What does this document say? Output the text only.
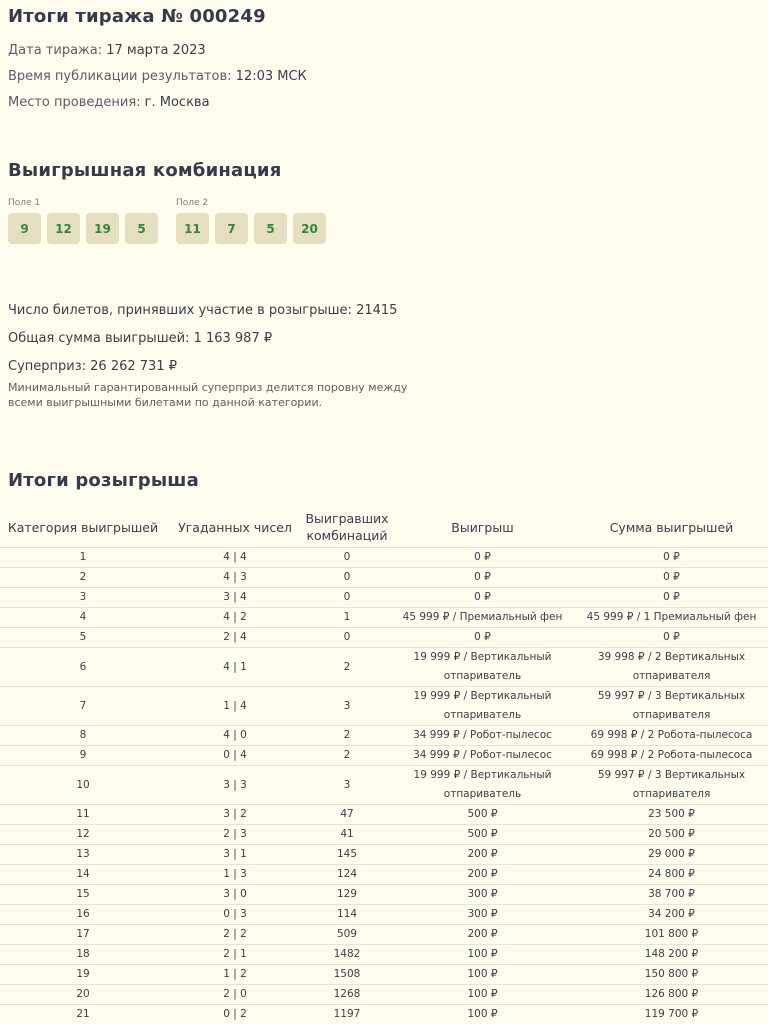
Итоги тиража № 000249
Дата тиража: 17 марта 2023
Время публикации результатов: 12:03 МСК
Место проведения: г. Москва
Выигрышная комбинация
Поле 1
9	12	19	5
Поле 2
11	7	5	20
Число билетов, принявших участие в розыгрыше: 21415
Общая сумма выигрышей: 1 163 987 ₽
Суперприз: 26 262 731 ₽
Минимальный гарантированный суперприз делится поровну между всеми выигрышными билетами по данной категории.
Итоги розыгрыша
Категория выигрышей	Угаданных чисел	Выигравших комбинаций	Выигрыш	Сумма выигрышей
1	4 | 4	0	0 ₽	0 ₽
2	4 | 3	0	0 ₽	0 ₽
3	3 | 4	0	0 ₽	0 ₽
4	4 | 2	1	45 999 ₽ / Премиальный фен	45 999 ₽ / 1 Премиальный фен
5	2 | 4	0	0 ₽	0 ₽
6	4 | 1	2	19 999 ₽ / Вертикальный отпариватель	39 998 ₽ / 2 Вертикальных отпаривателя
7	1 | 4	3	19 999 ₽ / Вертикальный отпариватель	59 997 ₽ / 3 Вертикальных отпаривателя
8	4 | 0	2	34 999 ₽ / Робот-пылесос	69 998 ₽ / 2 Робота-пылесоса
9	0 | 4	2	34 999 ₽ / Робот-пылесос	69 998 ₽ / 2 Робота-пылесоса
10	3 | 3	3	19 999 ₽ / Вертикальный отпариватель	59 997 ₽ / 3 Вертикальных отпаривателя
11	3 | 2	47	500 ₽	23 500 ₽
12	2 | 3	41	500 ₽	20 500 ₽
13	3 | 1	145	200 ₽	29 000 ₽
14	1 | 3	124	200 ₽	24 800 ₽
15	3 | 0	129	300 ₽	38 700 ₽
16	0 | 3	114	300 ₽	34 200 ₽
17	2 | 2	509	200 ₽	101 800 ₽
18	2 | 1	1482	100 ₽	148 200 ₽
19	1 | 2	1508	100 ₽	150 800 ₽
20	2 | 0	1268	100 ₽	126 800 ₽
21	0 | 2	1197	100 ₽	119 700 ₽
